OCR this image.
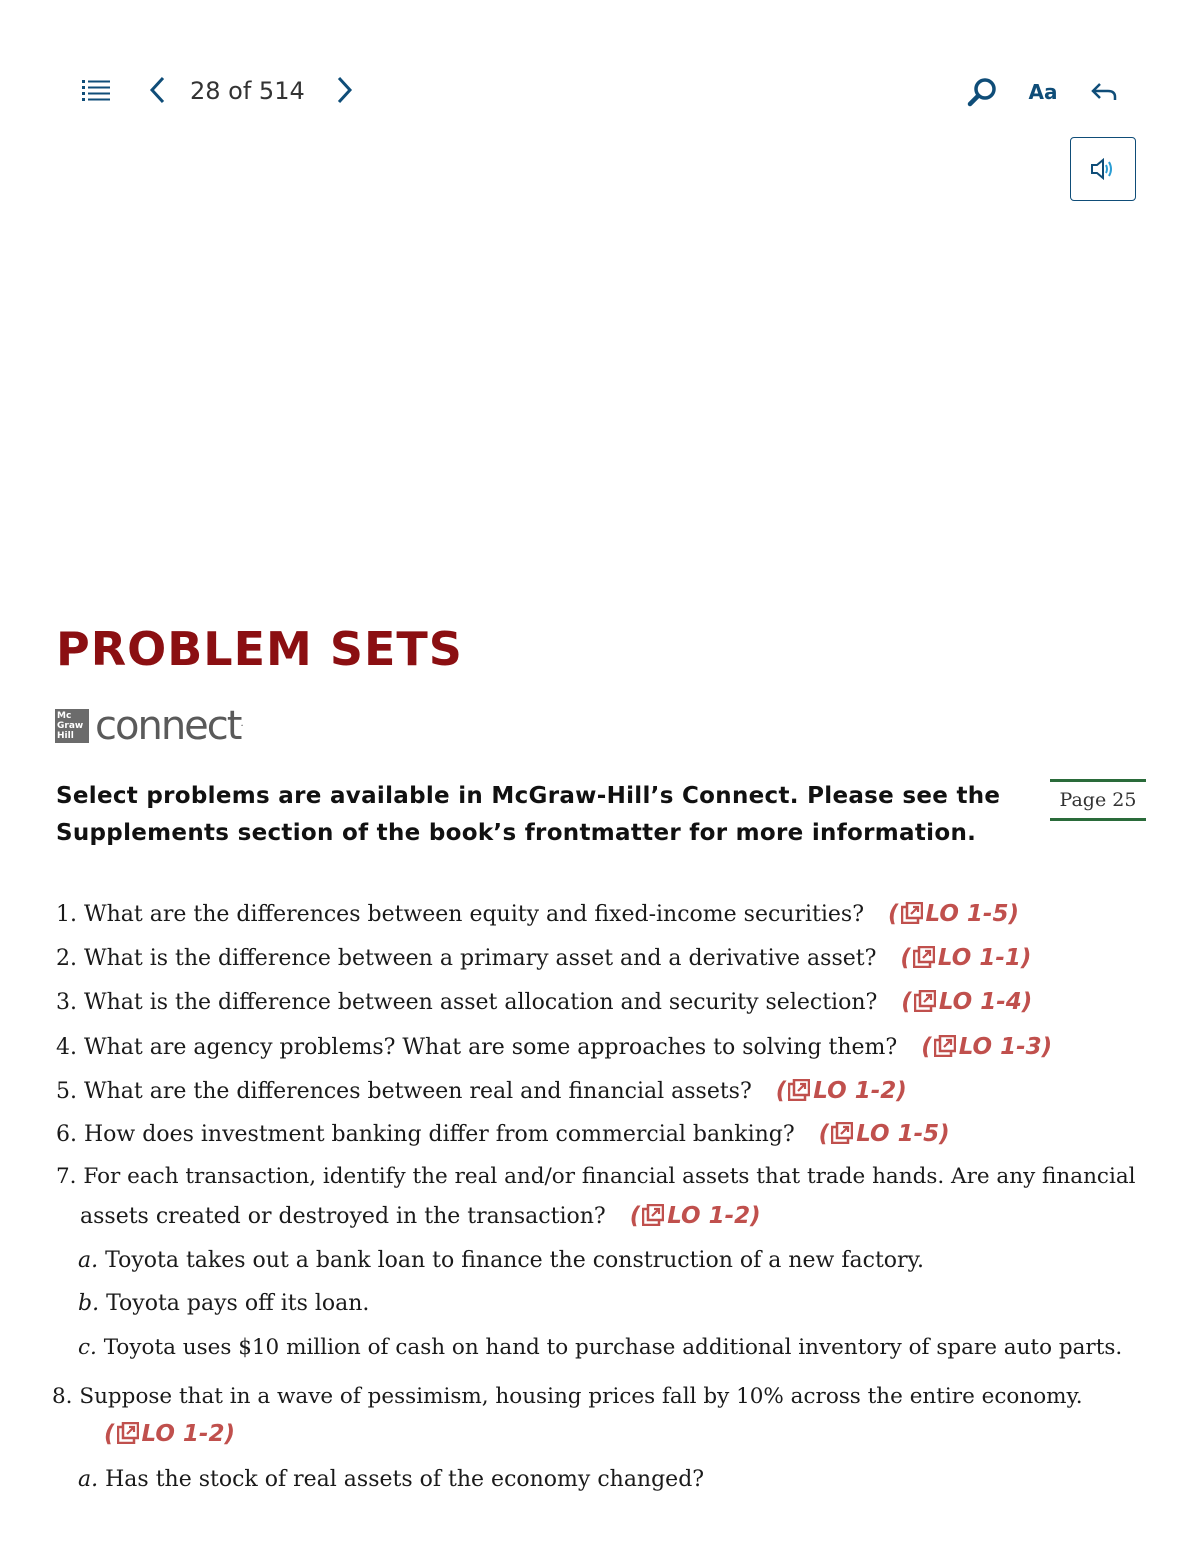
28 of 514	Aa
PROBLEM SETS
Mc
Graw
Hill connect ·
Select problems are available in McGraw-Hill’s Connect. Please see the Supplements section of the book’s frontmatter for more information.
Page 25
1. What are the differences between equity and fixed-income securities? ( LO 1-5)
2. What is the difference between a primary asset and a derivative asset? ( LO 1-1)
3. What is the difference between asset allocation and security selection? ( LO 1-4)
4. What are agency problems? What are some approaches to solving them? ( LO 1-3)
5. What are the differences between real and financial assets? ( LO 1-2)
6. How does investment banking differ from commercial banking? ( LO 1-5)
7. For each transaction, identify the real and/or financial assets that trade hands. Are any financial
assets created or destroyed in the transaction? ( LO 1-2)
a. Toyota takes out a bank loan to finance the construction of a new factory.
b. Toyota pays off its loan.
c. Toyota uses $10 million of cash on hand to purchase additional inventory of spare auto parts.
8. Suppose that in a wave of pessimism, housing prices fall by 10% across the entire economy.
( LO 1-2)
a. Has the stock of real assets of the economy changed?
